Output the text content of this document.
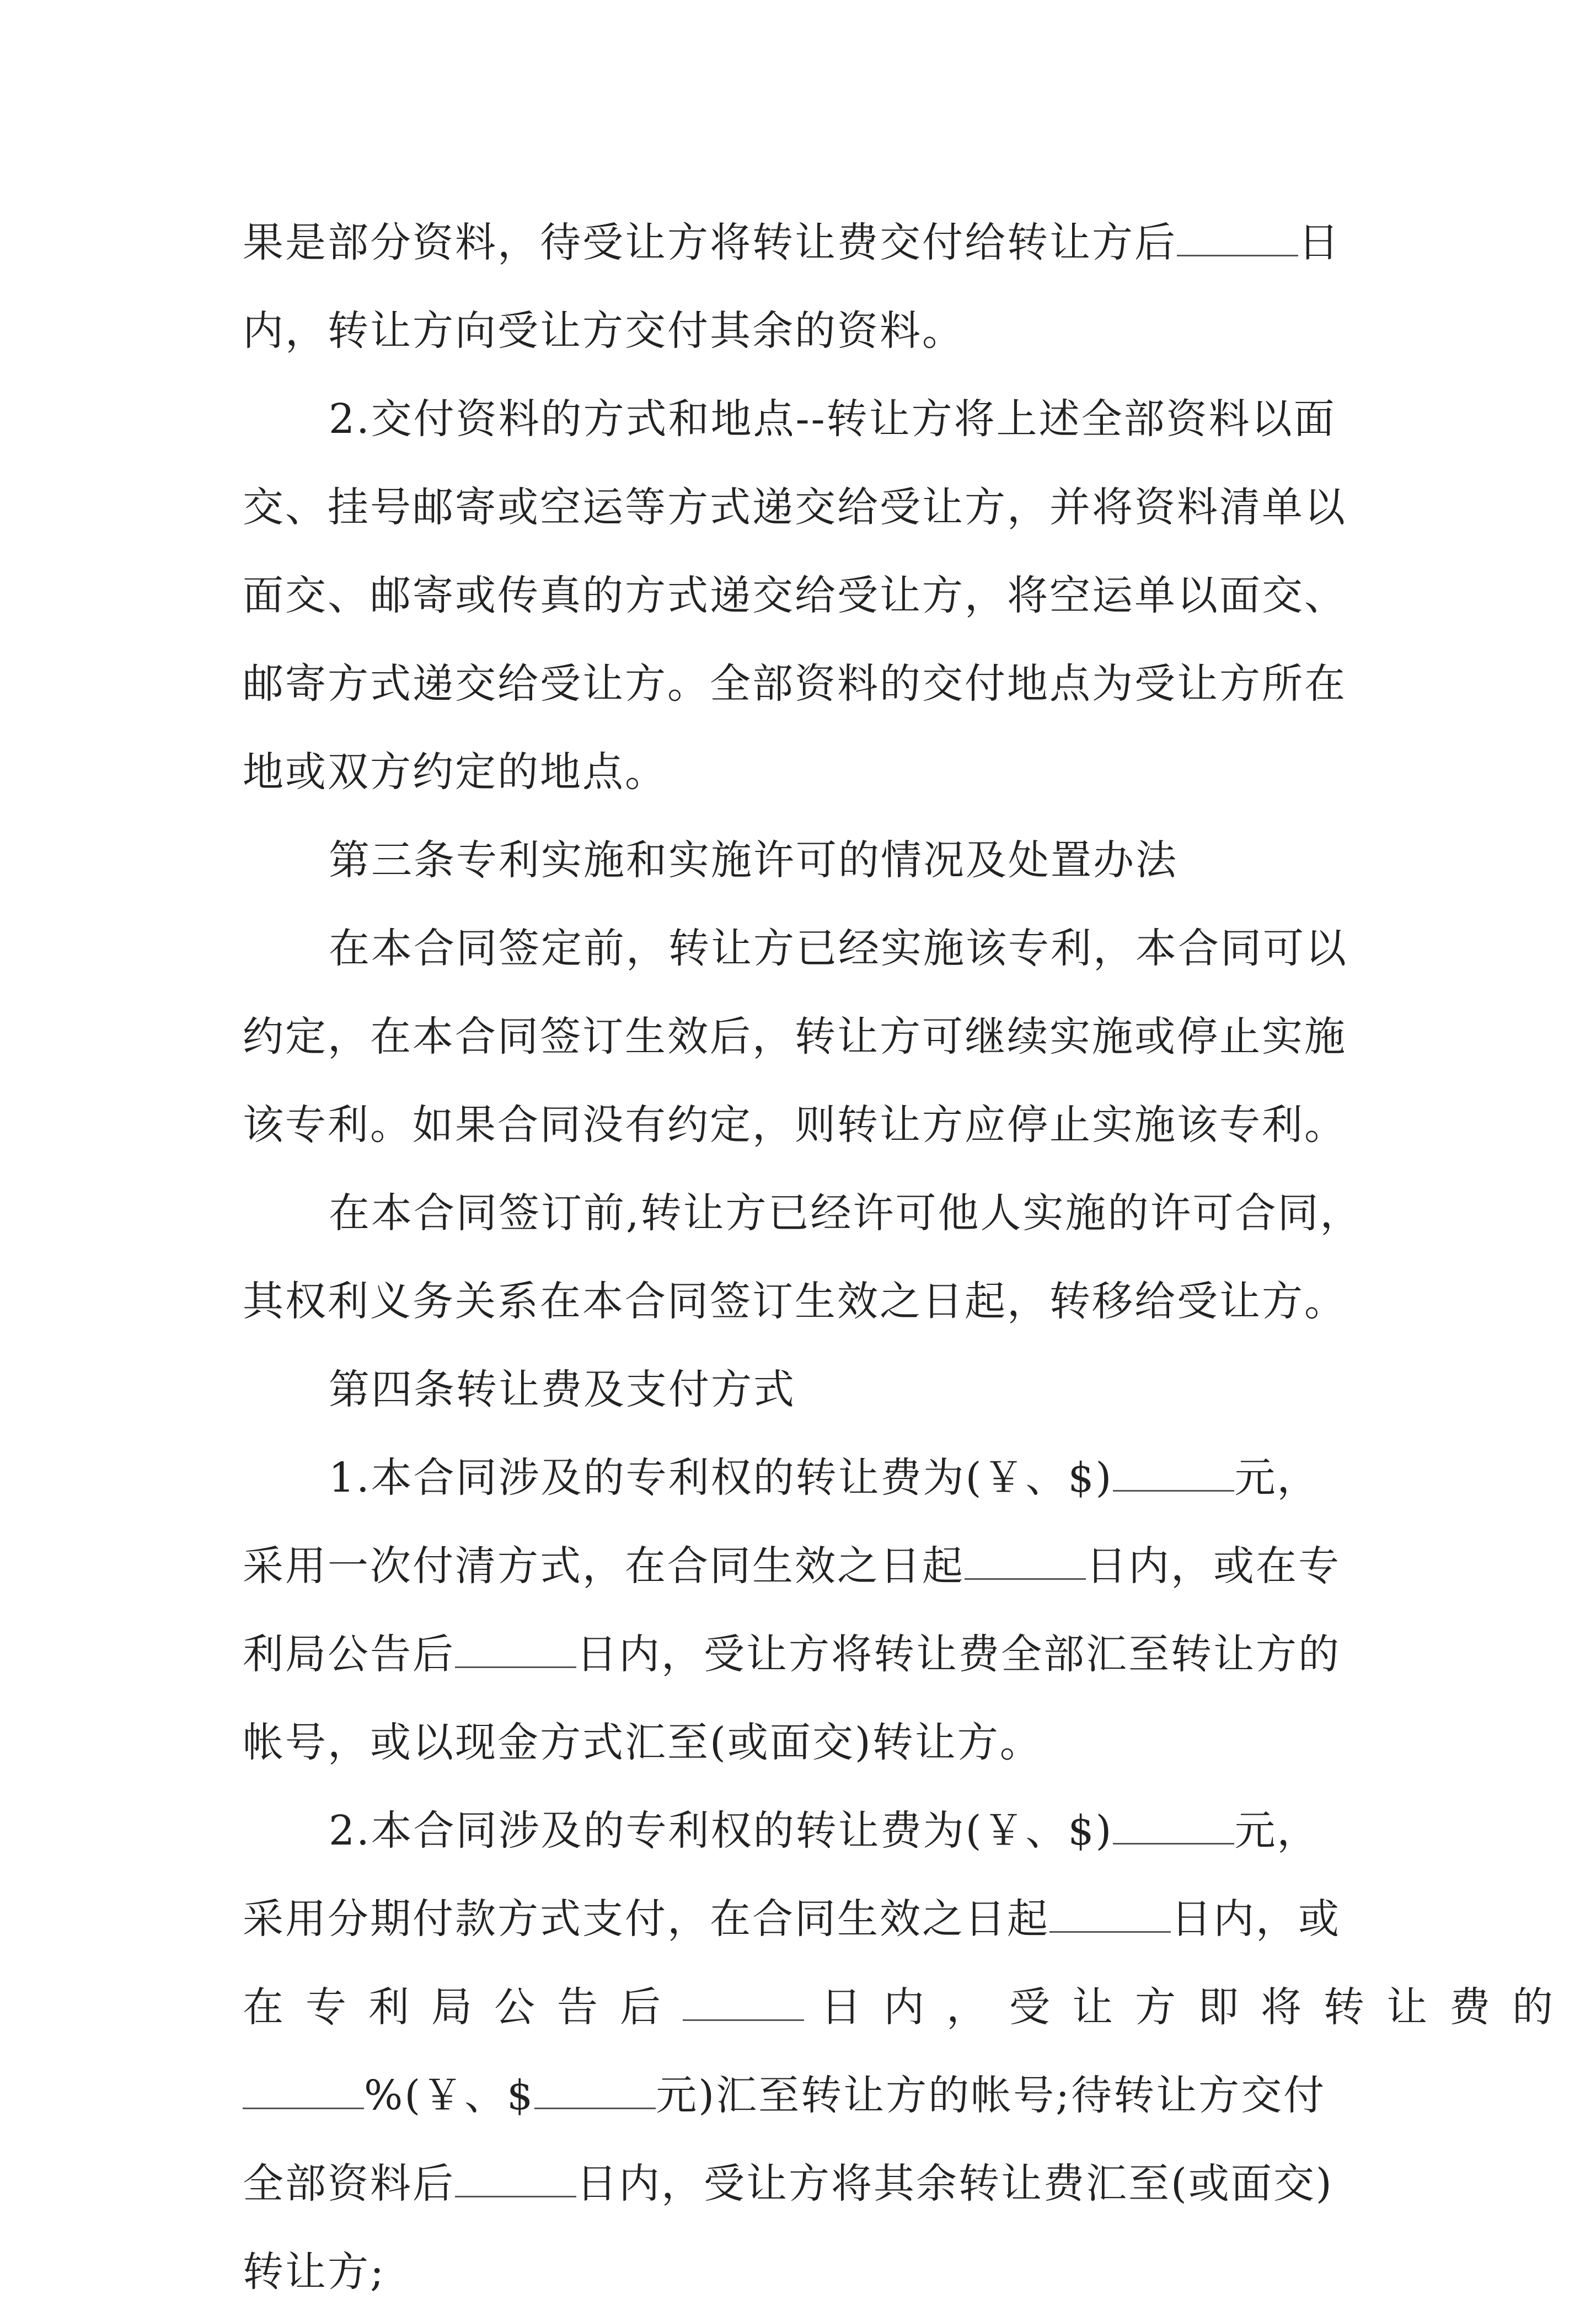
果是部分资料，待受让方将转让费交付给转让方后	日
内，转让方向受让方交付其余的资料。
2.交付资料的方式和地点--转让方将上述全部资料以面
交、挂号邮寄或空运等方式递交给受让方，并将资料清单以
面交、邮寄或传真的方式递交给受让方，将空运单以面交、
邮寄方式递交给受让方。全部资料的交付地点为受让方所在
地或双方约定的地点。
第三条专利实施和实施许可的情况及处置办法
在本合同签定前，转让方已经实施该专利，本合同可以
约定，在本合同签订生效后，转让方可继续实施或停止实施
该专利。如果合同没有约定，则转让方应停止实施该专利。
在本合同签订前,转让方已经许可他人实施的许可合同，
其权利义务关系在本合同签订生效之日起，转移给受让方。
第四条转让费及支付方式
1.本合同涉及的专利权的转让费为(￥、$)	元，
采用一次付清方式，在合同生效之日起	日内，或在专
利局公告后	日内，受让方将转让费全部汇至转让方的
帐号，或以现金方式汇至(或面交)转让方。
2.本合同涉及的专利权的转让费为(￥、$)	元，
采用分期付款方式支付，在合同生效之日起	日内，或
在专利局公告后	日内，受让方即将转让费的
%(￥、$	元)汇至转让方的帐号;待转让方交付
全部资料后	日内，受让方将其余转让费汇至(或面交)
转让方;
